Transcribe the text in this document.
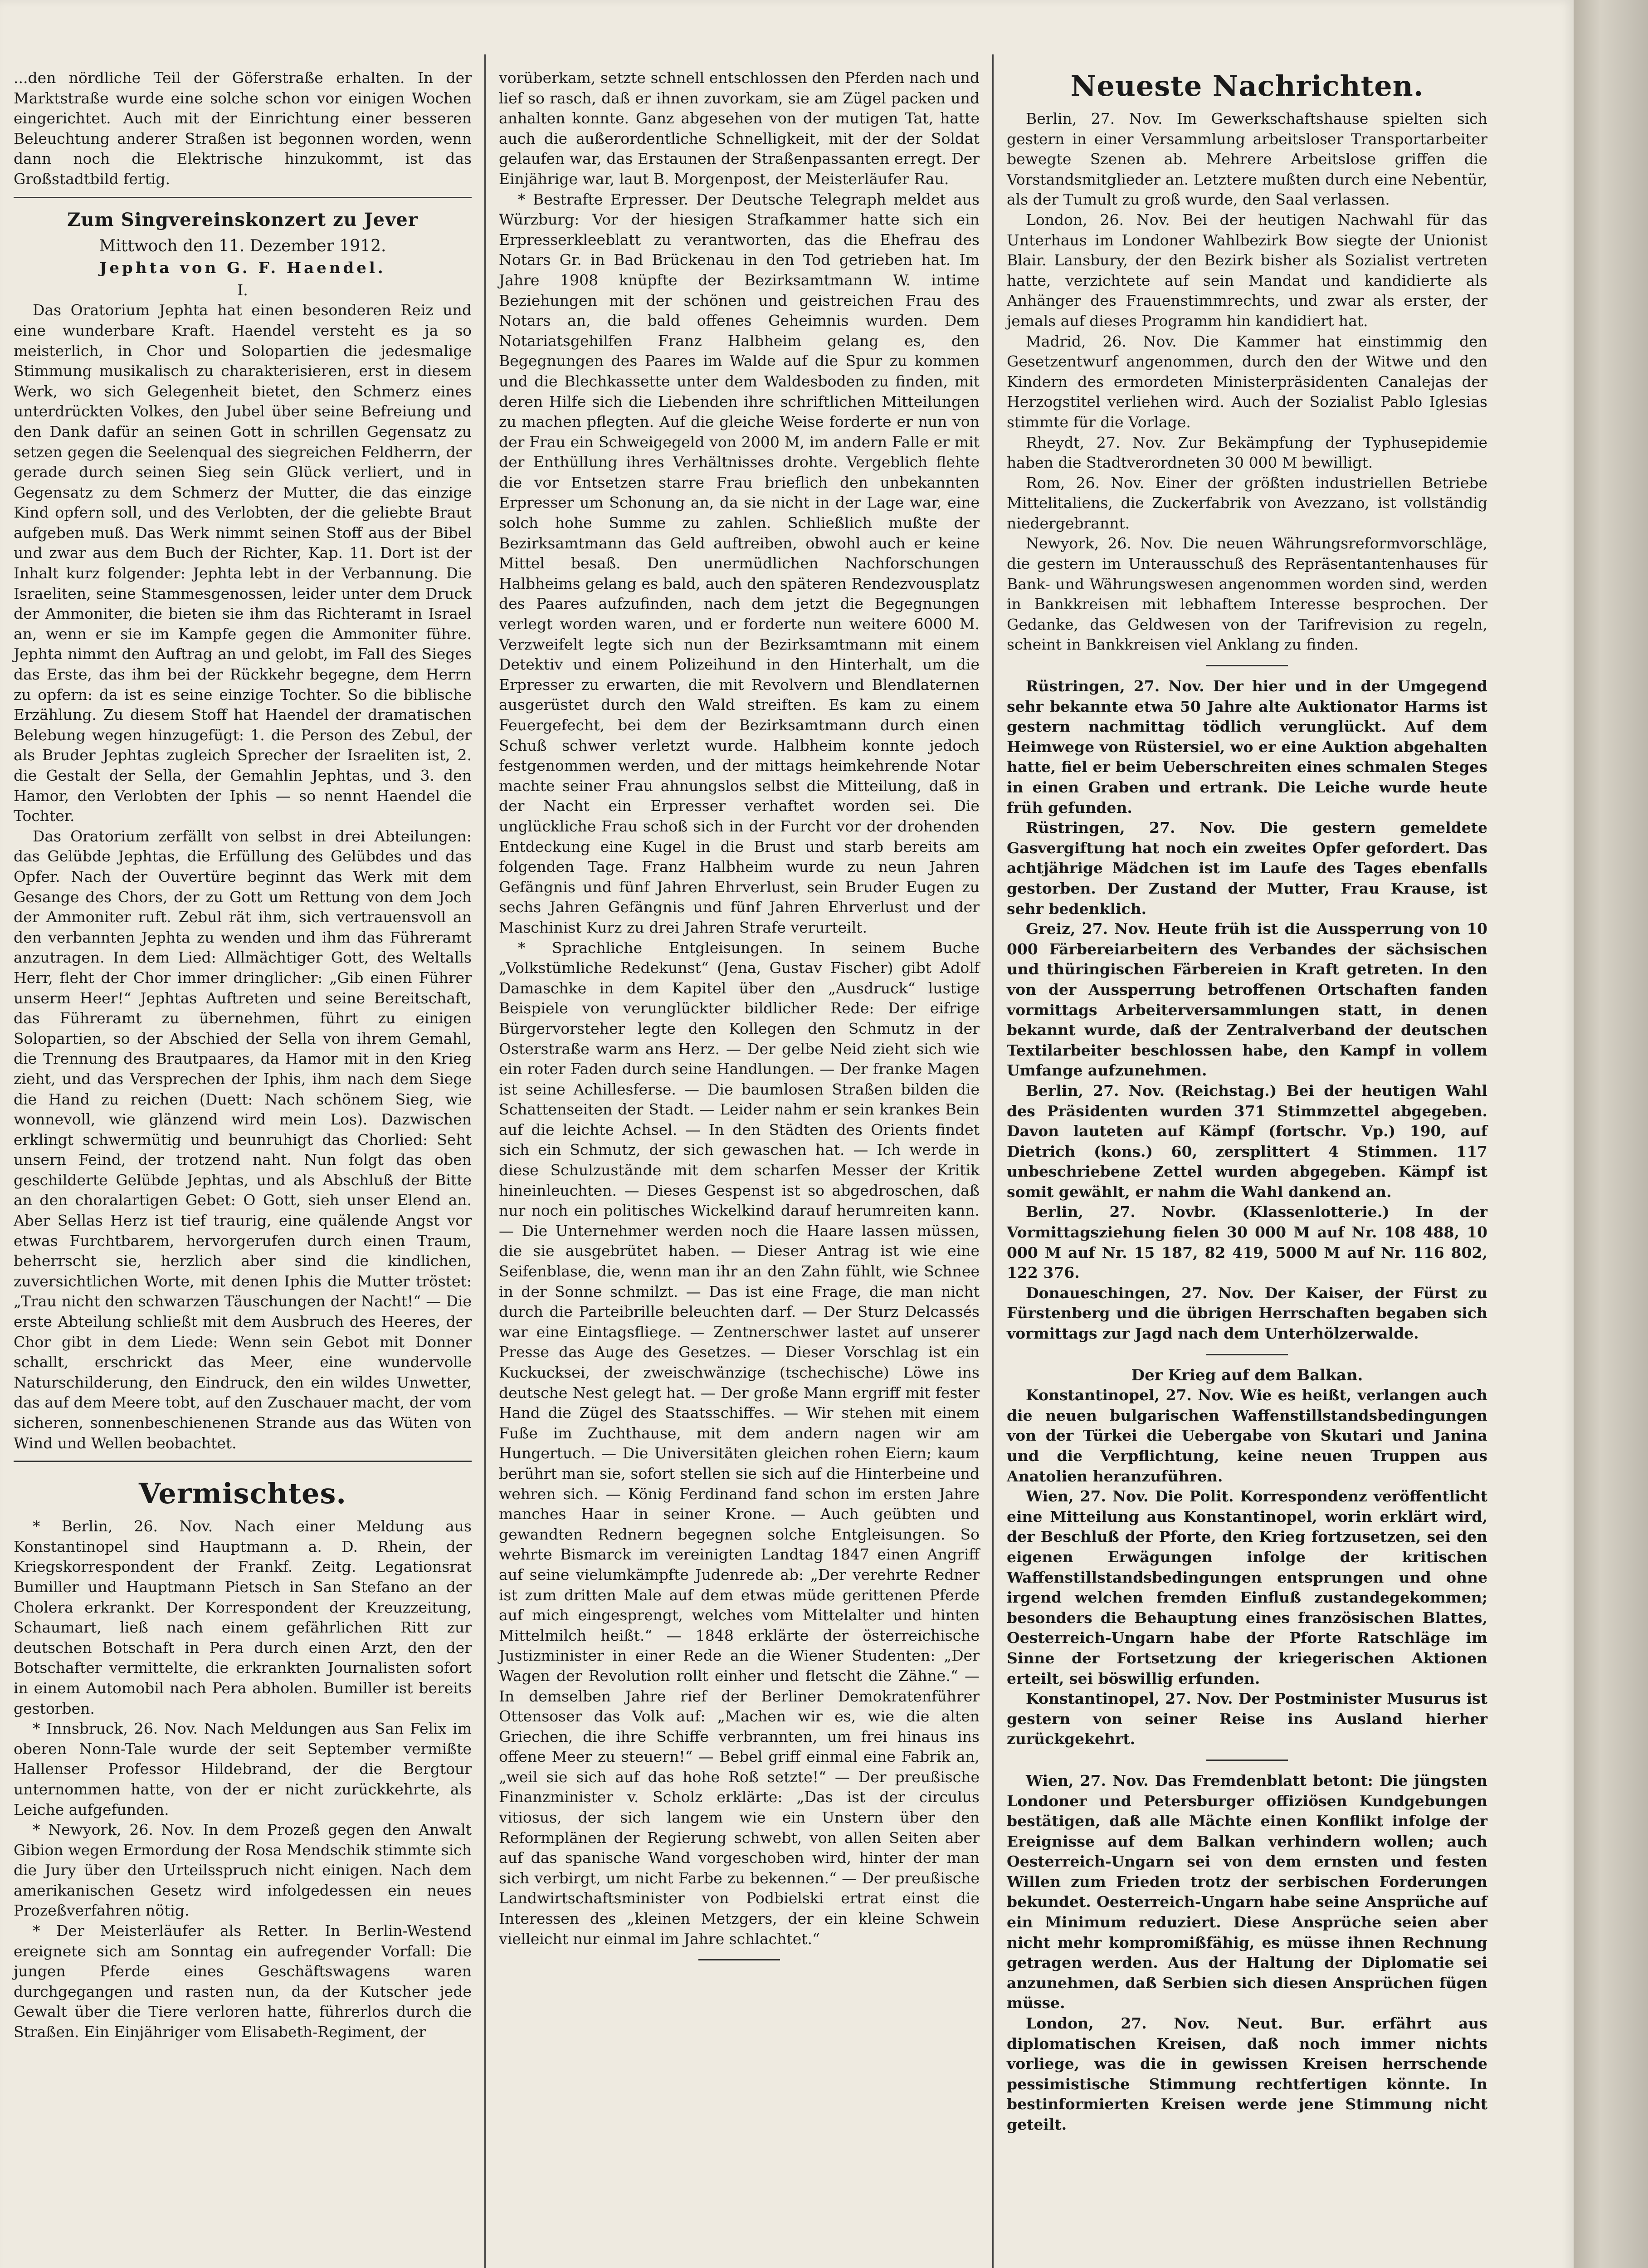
...den nördliche Teil der Göferstraße erhalten. In der Marktstraße wurde eine solche schon vor einigen Wochen eingerichtet. Auch mit der Einrichtung einer besseren Beleuchtung anderer Straßen ist begonnen worden, wenn dann noch die Elektrische hinzukommt, ist das Großstadtbild fertig.

Zum Singvereinskonzert zu Jever
Mittwoch den 11. Dezember 1912.
Jephta von G. F. Haendel.
I.

Das Oratorium Jephta hat einen besonderen Reiz und eine wunderbare Kraft. Haendel versteht es ja so meisterlich, in Chor und Solopartien die jedesmalige Stimmung musikalisch zu charakterisieren, erst in diesem Werk, wo sich Gelegenheit bietet, den Schmerz eines unterdrückten Volkes, den Jubel über seine Befreiung und den Dank dafür an seinen Gott in schrillen Gegensatz zu setzen gegen die Seelenqual des siegreichen Feldherrn, der gerade durch seinen Sieg sein Glück verliert, und in Gegensatz zu dem Schmerz der Mutter, die das einzige Kind opfern soll, und des Verlobten, der die geliebte Braut aufgeben muß. Das Werk nimmt seinen Stoff aus der Bibel und zwar aus dem Buch der Richter, Kap. 11. Dort ist der Inhalt kurz folgender: Jephta lebt in der Verbannung. Die Israeliten, seine Stammesgenossen, leider unter dem Druck der Ammoniter, die bieten sie ihm das Richteramt in Israel an, wenn er sie im Kampfe gegen die Ammoniter führe. Jephta nimmt den Auftrag an und gelobt, im Fall des Sieges das Erste, das ihm bei der Rückkehr begegne, dem Herrn zu opfern: da ist es seine einzige Tochter. So die biblische Erzählung. Zu diesem Stoff hat Haendel der dramatischen Belebung wegen hinzugefügt: 1. die Person des Zebul, der als Bruder Jephtas zugleich Sprecher der Israeliten ist, 2. die Gestalt der Sella, der Gemahlin Jephtas, und 3. den Hamor, den Verlobten der Iphis — so nennt Haendel die Tochter.

Das Oratorium zerfällt von selbst in drei Abteilungen: das Gelübde Jephtas, die Erfüllung des Gelübdes und das Opfer. Nach der Ouvertüre beginnt das Werk mit dem Gesange des Chors, der zu Gott um Rettung von dem Joch der Ammoniter ruft. Zebul rät ihm, sich vertrauensvoll an den verbannten Jephta zu wenden und ihm das Führeramt anzutragen. In dem Lied: Allmächtiger Gott, des Weltalls Herr, fleht der Chor immer dringlicher: „Gib einen Führer unserm Heer!“ Jephtas Auftreten und seine Bereitschaft, das Führeramt zu übernehmen, führt zu einigen Solopartien, so der Abschied der Sella von ihrem Gemahl, die Trennung des Brautpaares, da Hamor mit in den Krieg zieht, und das Versprechen der Iphis, ihm nach dem Siege die Hand zu reichen (Duett: Nach schönem Sieg, wie wonnevoll, wie glänzend wird mein Los). Dazwischen erklingt schwermütig und beunruhigt das Chorlied: Seht unsern Feind, der trotzend naht. Nun folgt das oben geschilderte Gelübde Jephtas, und als Abschluß der Bitte an den choralartigen Gebet: O Gott, sieh unser Elend an. Aber Sellas Herz ist tief traurig, eine quälende Angst vor etwas Furchtbarem, hervorgerufen durch einen Traum, beherrscht sie, herzlich aber sind die kindlichen, zuversichtlichen Worte, mit denen Iphis die Mutter tröstet: „Trau nicht den schwarzen Täuschungen der Nacht!“ — Die erste Abteilung schließt mit dem Ausbruch des Heeres, der Chor gibt in dem Liede: Wenn sein Gebot mit Donner schallt, erschrickt das Meer, eine wundervolle Naturschilderung, den Eindruck, den ein wildes Unwetter, das auf dem Meere tobt, auf den Zuschauer macht, der vom sicheren, sonnenbeschienenen Strande aus das Wüten von Wind und Wellen beobachtet.

Vermischtes.

* Berlin, 26. Nov. Nach einer Meldung aus Konstantinopel sind Hauptmann a. D. Rhein, der Kriegskorrespondent der Frankf. Zeitg. Legationsrat Bumiller und Hauptmann Pietsch in San Stefano an der Cholera erkrankt. Der Korrespondent der Kreuzzeitung, Schaumart, ließ nach einem gefährlichen Ritt zur deutschen Botschaft in Pera durch einen Arzt, den der Botschafter vermittelte, die erkrankten Journalisten sofort in einem Automobil nach Pera abholen. Bumiller ist bereits gestorben.

* Innsbruck, 26. Nov. Nach Meldungen aus San Felix im oberen Nonn-Tale wurde der seit September vermißte Hallenser Professor Hildebrand, der die Bergtour unternommen hatte, von der er nicht zurückkehrte, als Leiche aufgefunden.

* Newyork, 26. Nov. In dem Prozeß gegen den Anwalt Gibion wegen Ermordung der Rosa Mendschik stimmte sich die Jury über den Urteilsspruch nicht einigen. Nach dem amerikanischen Gesetz wird infolgedessen ein neues Prozeßverfahren nötig.

* Der Meisterläufer als Retter. In Berlin-Westend ereignete sich am Sonntag ein aufregender Vorfall: Die jungen Pferde eines Geschäftswagens waren durchgegangen und rasten nun, da der Kutscher jede Gewalt über die Tiere verloren hatte, führerlos durch die Straßen. Ein Einjähriger vom Elisabeth-Regiment, der

vorüberkam, setzte schnell entschlossen den Pferden nach und lief so rasch, daß er ihnen zuvorkam, sie am Zügel packen und anhalten konnte. Ganz abgesehen von der mutigen Tat, hatte auch die außerordentliche Schnelligkeit, mit der der Soldat gelaufen war, das Erstaunen der Straßenpassanten erregt. Der Einjährige war, laut B. Morgenpost, der Meisterläufer Rau.

* Bestrafte Erpresser. Der Deutsche Telegraph meldet aus Würzburg: Vor der hiesigen Strafkammer hatte sich ein Erpresserkleeblatt zu verantworten, das die Ehefrau des Notars Gr. in Bad Brückenau in den Tod getrieben hat. Im Jahre 1908 knüpfte der Bezirksamtmann W. intime Beziehungen mit der schönen und geistreichen Frau des Notars an, die bald offenes Geheimnis wurden. Dem Notariatsgehilfen Franz Halbheim gelang es, den Begegnungen des Paares im Walde auf die Spur zu kommen und die Blechkassette unter dem Waldesboden zu finden, mit deren Hilfe sich die Liebenden ihre schriftlichen Mitteilungen zu machen pflegten. Auf die gleiche Weise forderte er nun von der Frau ein Schweigegeld von 2000 M, im andern Falle er mit der Enthüllung ihres Verhältnisses drohte. Vergeblich flehte die vor Entsetzen starre Frau brieflich den unbekannten Erpresser um Schonung an, da sie nicht in der Lage war, eine solch hohe Summe zu zahlen. Schließlich mußte der Bezirksamtmann das Geld auftreiben, obwohl auch er keine Mittel besaß. Den unermüdlichen Nachforschungen Halbheims gelang es bald, auch den späteren Rendezvousplatz des Paares aufzufinden, nach dem jetzt die Begegnungen verlegt worden waren, und er forderte nun weitere 6000 M. Verzweifelt legte sich nun der Bezirksamtmann mit einem Detektiv und einem Polizeihund in den Hinterhalt, um die Erpresser zu erwarten, die mit Revolvern und Blendlaternen ausgerüstet durch den Wald streiften. Es kam zu einem Feuergefecht, bei dem der Bezirksamtmann durch einen Schuß schwer verletzt wurde. Halbheim konnte jedoch festgenommen werden, und der mittags heimkehrende Notar machte seiner Frau ahnungslos selbst die Mitteilung, daß in der Nacht ein Erpresser verhaftet worden sei. Die unglückliche Frau schoß sich in der Furcht vor der drohenden Entdeckung eine Kugel in die Brust und starb bereits am folgenden Tage. Franz Halbheim wurde zu neun Jahren Gefängnis und fünf Jahren Ehrverlust, sein Bruder Eugen zu sechs Jahren Gefängnis und fünf Jahren Ehrverlust und der Maschinist Kurz zu drei Jahren Strafe verurteilt.

* Sprachliche Entgleisungen. In seinem Buche „Volkstümliche Redekunst“ (Jena, Gustav Fischer) gibt Adolf Damaschke in dem Kapitel über den „Ausdruck“ lustige Beispiele von verunglückter bildlicher Rede: Der eifrige Bürgervorsteher legte den Kollegen den Schmutz in der Osterstraße warm ans Herz. — Der gelbe Neid zieht sich wie ein roter Faden durch seine Handlungen. — Der franke Magen ist seine Achillesferse. — Die baumlosen Straßen bilden die Schattenseiten der Stadt. — Leider nahm er sein krankes Bein auf die leichte Achsel. — In den Städten des Orients findet sich ein Schmutz, der sich gewaschen hat. — Ich werde in diese Schulzustände mit dem scharfen Messer der Kritik hineinleuchten. — Dieses Gespenst ist so abgedroschen, daß nur noch ein politisches Wickelkind darauf herumreiten kann. — Die Unternehmer werden noch die Haare lassen müssen, die sie ausgebrütet haben. — Dieser Antrag ist wie eine Seifenblase, die, wenn man ihr an den Zahn fühlt, wie Schnee in der Sonne schmilzt. — Das ist eine Frage, die man nicht durch die Parteibrille beleuchten darf. — Der Sturz Delcassés war eine Eintagsfliege. — Zentnerschwer lastet auf unserer Presse das Auge des Gesetzes. — Dieser Vorschlag ist ein Kuckucksei, der zweischwänzige (tschechische) Löwe ins deutsche Nest gelegt hat. — Der große Mann ergriff mit fester Hand die Zügel des Staatsschiffes. — Wir stehen mit einem Fuße im Zuchthause, mit dem andern nagen wir am Hungertuch. — Die Universitäten gleichen rohen Eiern; kaum berührt man sie, sofort stellen sie sich auf die Hinterbeine und wehren sich. — König Ferdinand fand schon im ersten Jahre manches Haar in seiner Krone. — Auch geübten und gewandten Rednern begegnen solche Entgleisungen. So wehrte Bismarck im vereinigten Landtag 1847 einen Angriff auf seine vielumkämpfte Judenrede ab: „Der verehrte Redner ist zum dritten Male auf dem etwas müde gerittenen Pferde auf mich eingesprengt, welches vom Mittelalter und hinten Mittelmilch heißt.“ — 1848 erklärte der österreichische Justizminister in einer Rede an die Wiener Studenten: „Der Wagen der Revolution rollt einher und fletscht die Zähne.“ — In demselben Jahre rief der Berliner Demokratenführer Ottensoser das Volk auf: „Machen wir es, wie die alten Griechen, die ihre Schiffe verbrannten, um frei hinaus ins offene Meer zu steuern!“ — Bebel griff einmal eine Fabrik an, „weil sie sich auf das hohe Roß setzte!“ — Der preußische Finanzminister v. Scholz erklärte: „Das ist der circulus vitiosus, der sich langem wie ein Unstern über den Reformplänen der Regierung schwebt, von allen Seiten aber auf das spanische Wand vorgeschoben wird, hinter der man sich verbirgt, um nicht Farbe zu bekennen.“ — Der preußische Landwirtschaftsminister von Podbielski ertrat einst die Interessen des „kleinen Metzgers, der ein kleine Schwein vielleicht nur einmal im Jahre schlachtet.“

Neueste Nachrichten.

Berlin, 27. Nov. Im Gewerkschaftshause spielten sich gestern in einer Versammlung arbeitsloser Transportarbeiter bewegte Szenen ab. Mehrere Arbeitslose griffen die Vorstandsmitglieder an. Letztere mußten durch eine Nebentür, als der Tumult zu groß wurde, den Saal verlassen.

London, 26. Nov. Bei der heutigen Nachwahl für das Unterhaus im Londoner Wahlbezirk Bow siegte der Unionist Blair. Lansbury, der den Bezirk bisher als Sozialist vertreten hatte, verzichtete auf sein Mandat und kandidierte als Anhänger des Frauenstimmrechts, und zwar als erster, der jemals auf dieses Programm hin kandidiert hat.

Madrid, 26. Nov. Die Kammer hat einstimmig den Gesetzentwurf angenommen, durch den der Witwe und den Kindern des ermordeten Ministerpräsidenten Canalejas der Herzogstitel verliehen wird. Auch der Sozialist Pablo Iglesias stimmte für die Vorlage.

Rheydt, 27. Nov. Zur Bekämpfung der Typhusepidemie haben die Stadtverordneten 30 000 M bewilligt.

Rom, 26. Nov. Einer der größten industriellen Betriebe Mittelitaliens, die Zuckerfabrik von Avezzano, ist vollständig niedergebrannt.

Newyork, 26. Nov. Die neuen Währungsreformvorschläge, die gestern im Unterausschuß des Repräsentantenhauses für Bank- und Währungswesen angenommen worden sind, werden in Bankkreisen mit lebhaftem Interesse besprochen. Der Gedanke, das Geldwesen von der Tarifrevision zu regeln, scheint in Bankkreisen viel Anklang zu finden.

Rüstringen, 27. Nov. Der hier und in der Umgegend sehr bekannte etwa 50 Jahre alte Auktionator Harms ist gestern nachmittag tödlich verunglückt. Auf dem Heimwege von Rüstersiel, wo er eine Auktion abgehalten hatte, fiel er beim Ueberschreiten eines schmalen Steges in einen Graben und ertrank. Die Leiche wurde heute früh gefunden.

Rüstringen, 27. Nov. Die gestern gemeldete Gasvergiftung hat noch ein zweites Opfer gefordert. Das achtjährige Mädchen ist im Laufe des Tages ebenfalls gestorben. Der Zustand der Mutter, Frau Krause, ist sehr bedenklich.

Greiz, 27. Nov. Heute früh ist die Aussperrung von 10 000 Färbereiarbeitern des Verbandes der sächsischen und thüringischen Färbereien in Kraft getreten. In den von der Aussperrung betroffenen Ortschaften fanden vormittags Arbeiterversammlungen statt, in denen bekannt wurde, daß der Zentralverband der deutschen Textilarbeiter beschlossen habe, den Kampf in vollem Umfange aufzunehmen.

Berlin, 27. Nov. (Reichstag.) Bei der heutigen Wahl des Präsidenten wurden 371 Stimmzettel abgegeben. Davon lauteten auf Kämpf (fortschr. Vp.) 190, auf Dietrich (kons.) 60, zersplittert 4 Stimmen. 117 unbeschriebene Zettel wurden abgegeben. Kämpf ist somit gewählt, er nahm die Wahl dankend an.

Berlin, 27. Novbr. (Klassenlotterie.) In der Vormittagsziehung fielen 30 000 M auf Nr. 108 488, 10 000 M auf Nr. 15 187, 82 419, 5000 M auf Nr. 116 802, 122 376.

Donaueschingen, 27. Nov. Der Kaiser, der Fürst zu Fürstenberg und die übrigen Herrschaften begaben sich vormittags zur Jagd nach dem Unterhölzerwalde.

Der Krieg auf dem Balkan.

Konstantinopel, 27. Nov. Wie es heißt, verlangen auch die neuen bulgarischen Waffenstillstandsbedingungen von der Türkei die Uebergabe von Skutari und Janina und die Verpflichtung, keine neuen Truppen aus Anatolien heranzuführen.

Wien, 27. Nov. Die Polit. Korrespondenz veröffentlicht eine Mitteilung aus Konstantinopel, worin erklärt wird, der Beschluß der Pforte, den Krieg fortzusetzen, sei den eigenen Erwägungen infolge der kritischen Waffenstillstandsbedingungen entsprungen und ohne irgend welchen fremden Einfluß zustandegekommen; besonders die Behauptung eines französischen Blattes, Oesterreich-Ungarn habe der Pforte Ratschläge im Sinne der Fortsetzung der kriegerischen Aktionen erteilt, sei böswillig erfunden.

Konstantinopel, 27. Nov. Der Postminister Musurus ist gestern von seiner Reise ins Ausland hierher zurückgekehrt.

Wien, 27. Nov. Das Fremdenblatt betont: Die jüngsten Londoner und Petersburger offiziösen Kundgebungen bestätigen, daß alle Mächte einen Konflikt infolge der Ereignisse auf dem Balkan verhindern wollen; auch Oesterreich-Ungarn sei von dem ernsten und festen Willen zum Frieden trotz der serbischen Forderungen bekundet. Oesterreich-Ungarn habe seine Ansprüche auf ein Minimum reduziert. Diese Ansprüche seien aber nicht mehr kompromißfähig, es müsse ihnen Rechnung getragen werden. Aus der Haltung der Diplomatie sei anzunehmen, daß Serbien sich diesen Ansprüchen fügen müsse.

London, 27. Nov. Neut. Bur. erfährt aus diplomatischen Kreisen, daß noch immer nichts vorliege, was die in gewissen Kreisen herrschende pessimistische Stimmung rechtfertigen könnte. In bestinformierten Kreisen werde jene Stimmung nicht geteilt.
